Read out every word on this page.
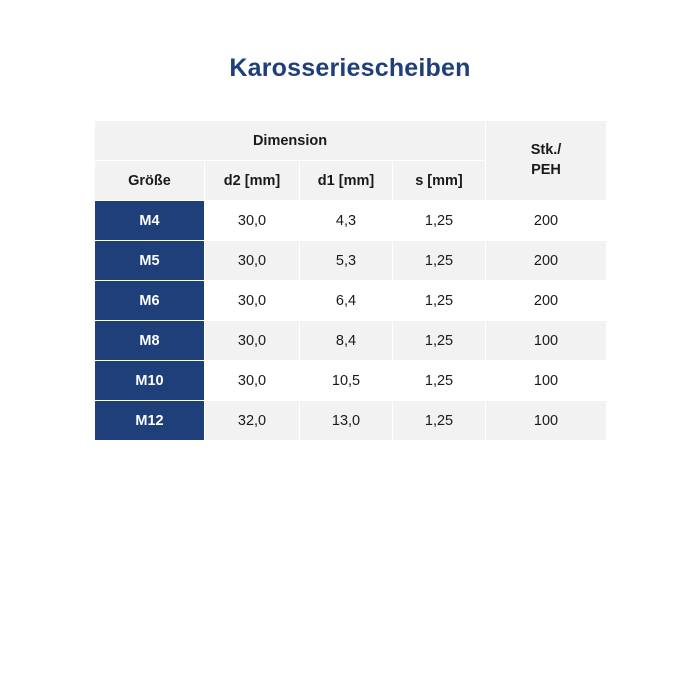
Karosseriescheiben
Dimension				Stk./
PEH
Größe	d2 [mm]	d1 [mm]	s [mm]	
M4	30,0	4,3	1,25	200
M5	30,0	5,3	1,25	200
M6	30,0	6,4	1,25	200
M8	30,0	8,4	1,25	100
M10	30,0	10,5	1,25	100
M12	32,0	13,0	1,25	100
